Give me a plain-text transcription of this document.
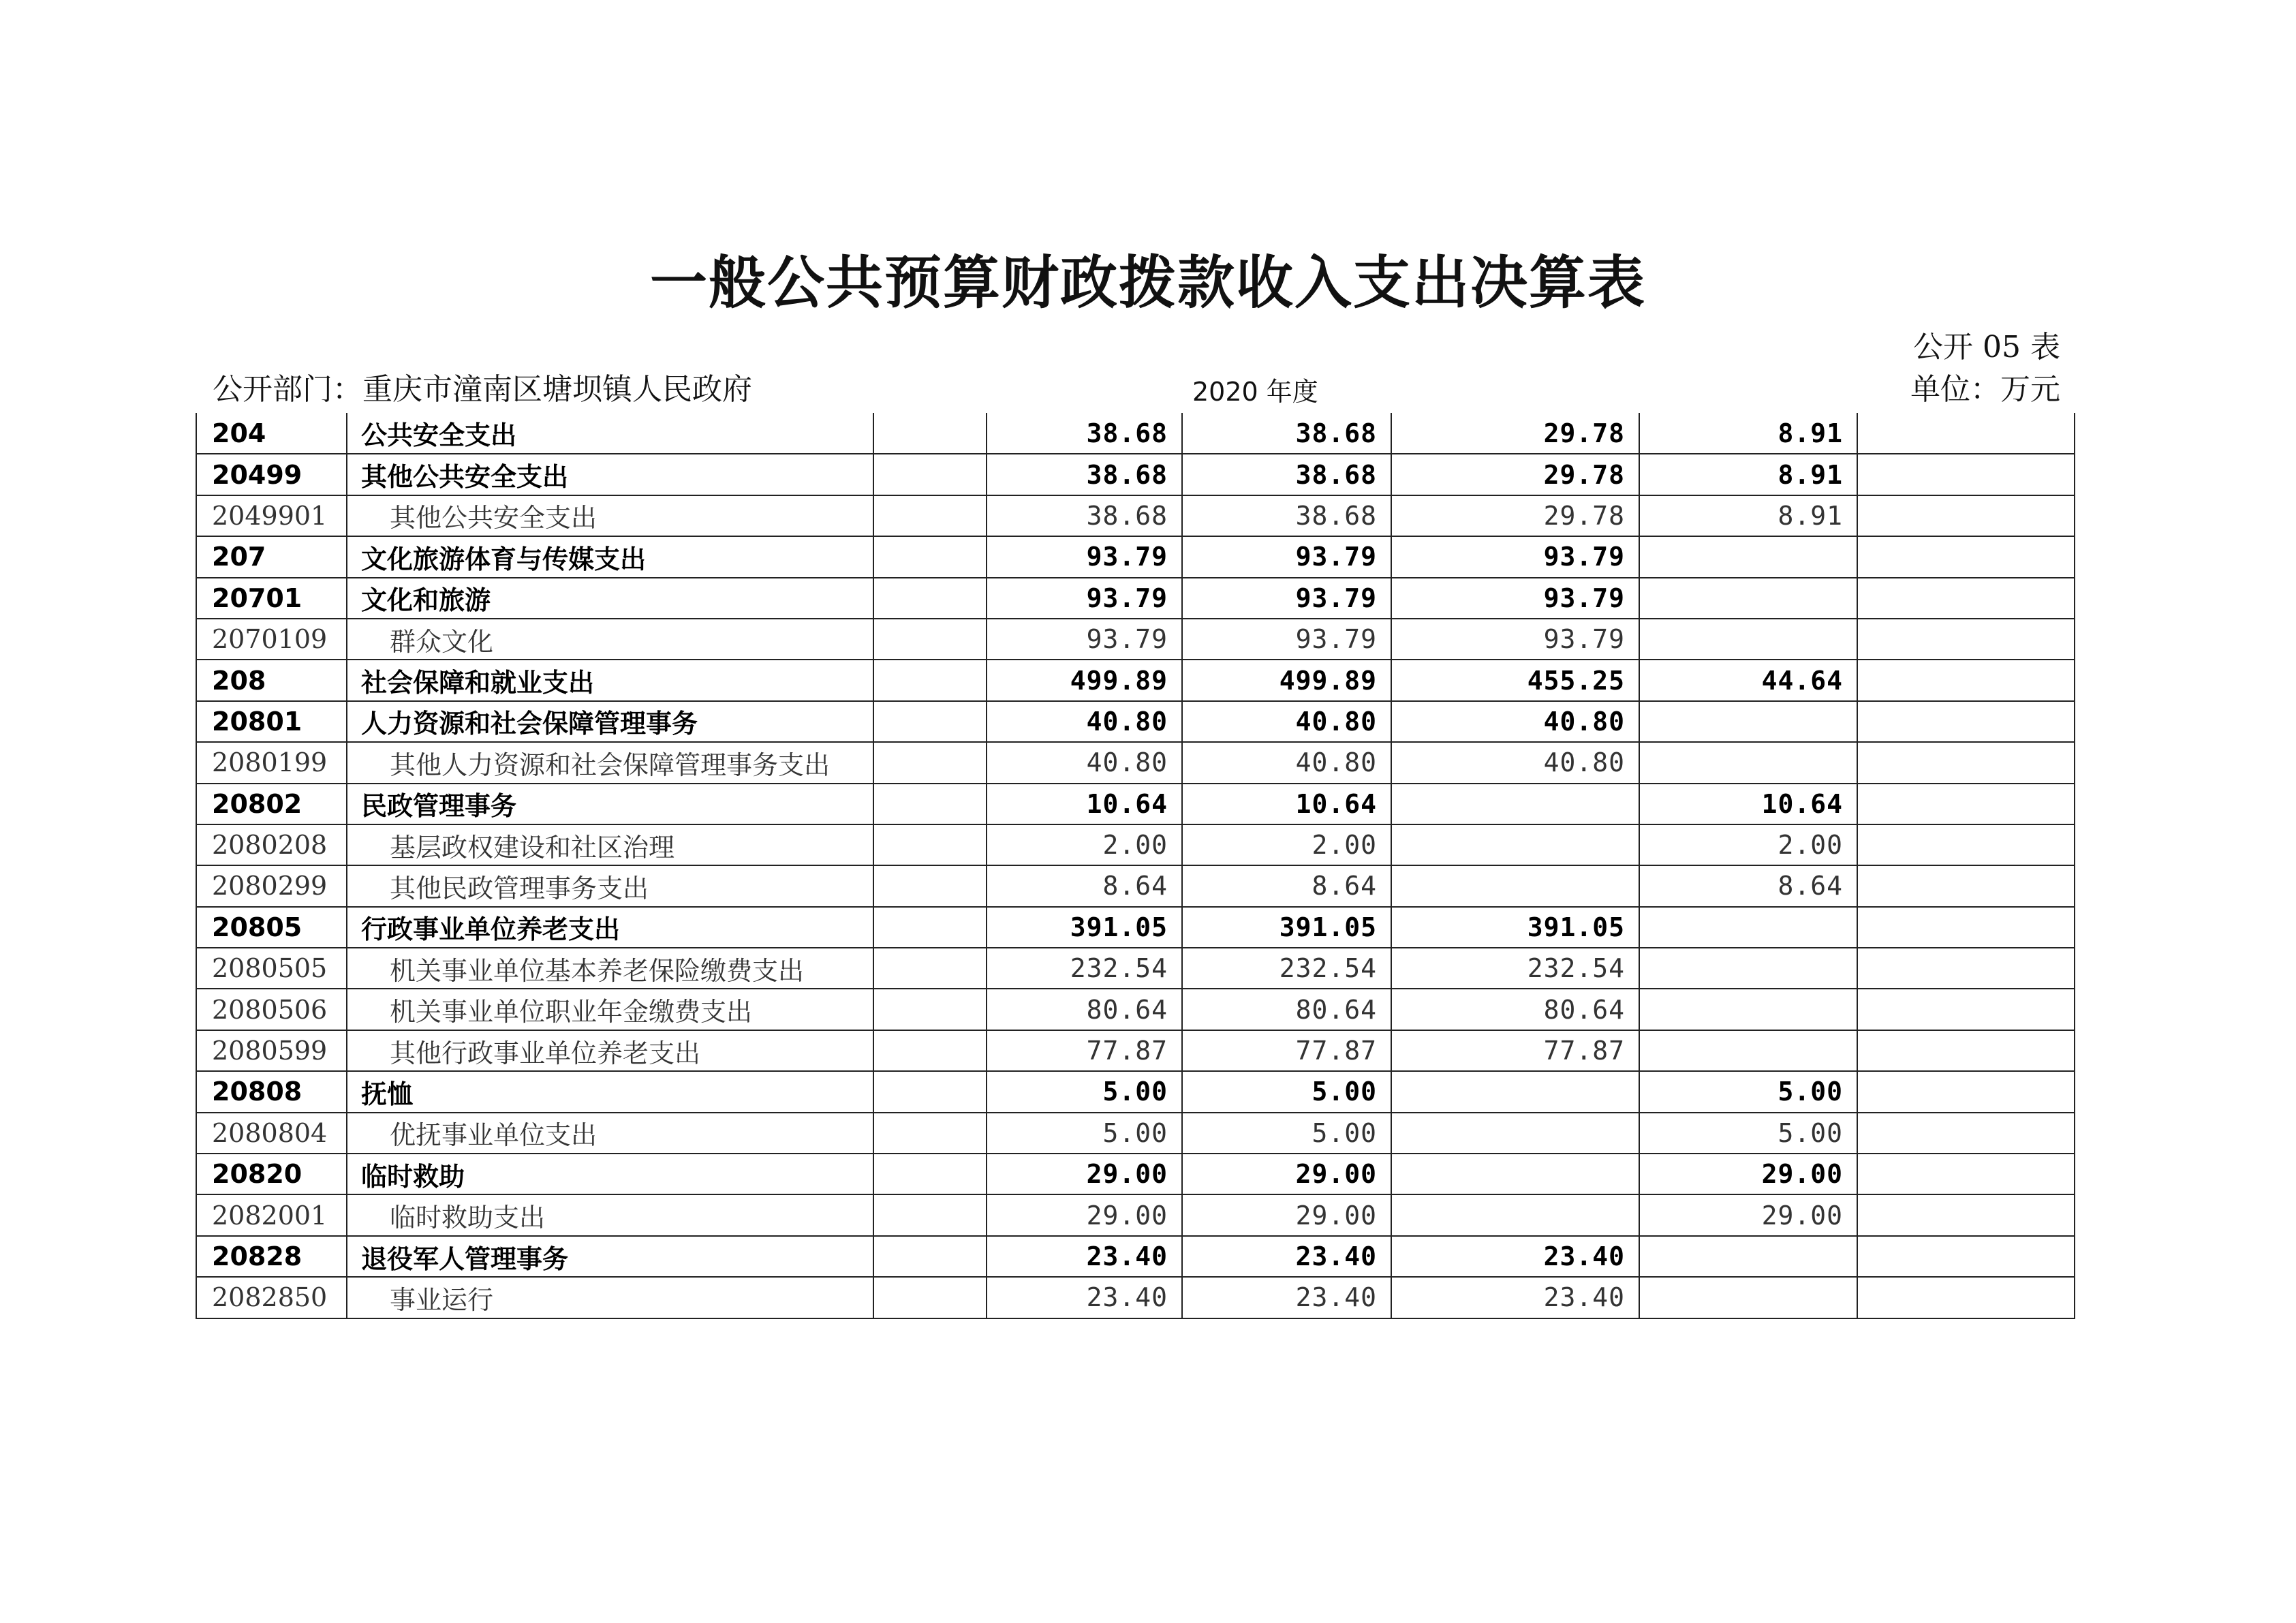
一般公共预算财政拨款收入支出决算表
公开 05 表
公开部门：重庆市潼南区塘坝镇人民政府	2020 年度	单位：万元
204	公共安全支出		38.68	38.68	29.78	8.91	
20499	其他公共安全支出		38.68	38.68	29.78	8.91	
2049901	其他公共安全支出		38.68	38.68	29.78	8.91	
207	文化旅游体育与传媒支出		93.79	93.79	93.79		
20701	文化和旅游		93.79	93.79	93.79		
2070109	群众文化		93.79	93.79	93.79		
208	社会保障和就业支出		499.89	499.89	455.25	44.64	
20801	人力资源和社会保障管理事务		40.80	40.80	40.80		
2080199	其他人力资源和社会保障管理事务支出		40.80	40.80	40.80		
20802	民政管理事务		10.64	10.64		10.64	
2080208	基层政权建设和社区治理		2.00	2.00		2.00	
2080299	其他民政管理事务支出		8.64	8.64		8.64	
20805	行政事业单位养老支出		391.05	391.05	391.05		
2080505	机关事业单位基本养老保险缴费支出		232.54	232.54	232.54		
2080506	机关事业单位职业年金缴费支出		80.64	80.64	80.64		
2080599	其他行政事业单位养老支出		77.87	77.87	77.87		
20808	抚恤		5.00	5.00		5.00	
2080804	优抚事业单位支出		5.00	5.00		5.00	
20820	临时救助		29.00	29.00		29.00	
2082001	临时救助支出		29.00	29.00		29.00	
20828	退役军人管理事务		23.40	23.40	23.40		
2082850	事业运行		23.40	23.40	23.40		
